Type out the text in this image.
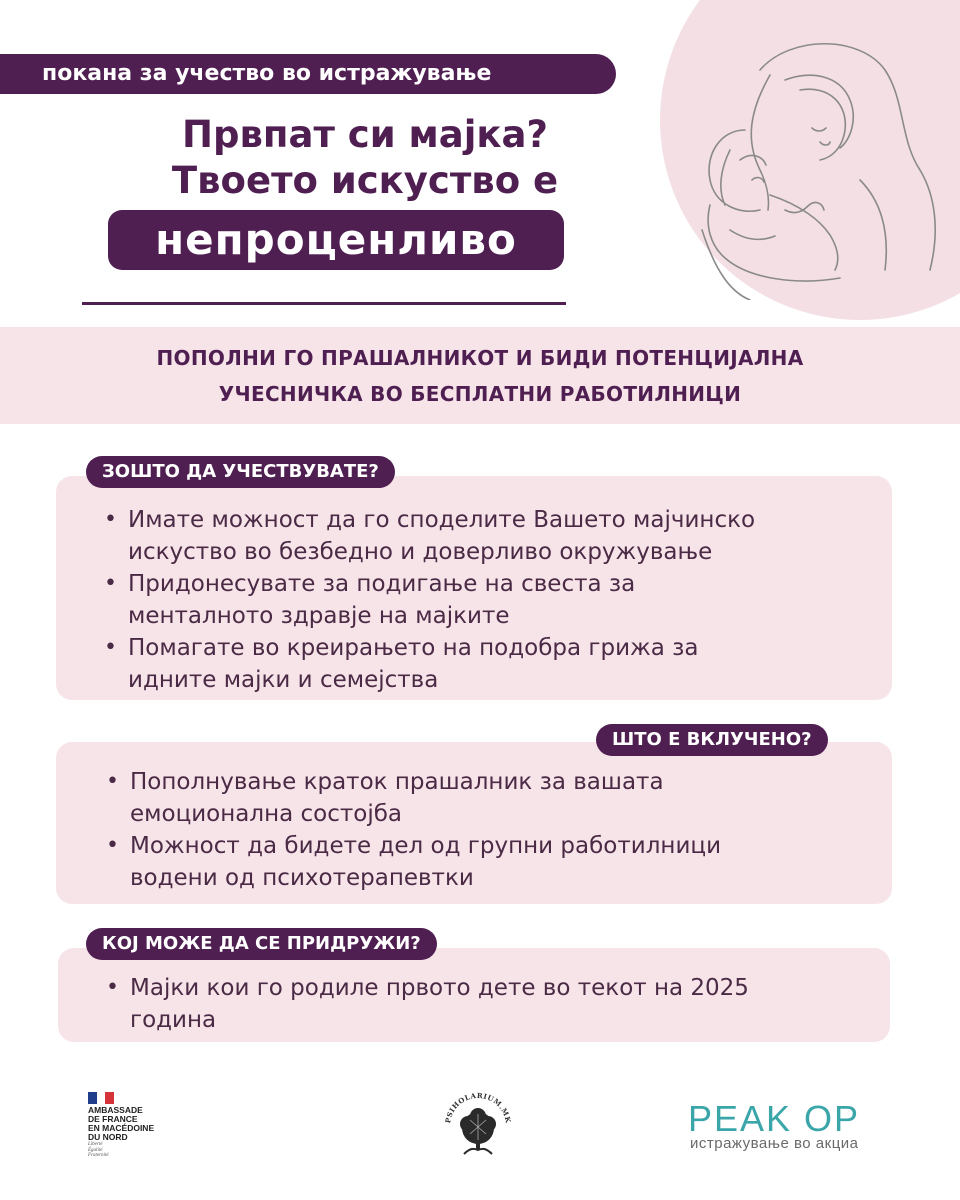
покана за учество во истражување
Првпат си мајка?
Твоето искуство е
непроценливо
ПОПОЛНИ ГО ПРАШАЛНИКОТ И БИДИ ПОТЕНЦИЈАЛНА
УЧЕСНИЧКА ВО БЕСПЛАТНИ РАБОТИЛНИЦИ
ЗОШТО ДА УЧЕСТВУВАТЕ?
• Имате можност да го споделите Вашето мајчинско
искуство во безбедно и доверливо окружување
• Придонесувате за подигање на свеста за
менталното здравје на мајките
• Помагате во креирањето на подобра грижа за
идните мајки и семејства
ШТО Е ВКЛУЧЕНО?
• Пополнување краток прашалник за вашата
емоционална состојба
• Можност да бидете дел од групни работилници
водени од психотерапевтки
КОЈ МОЖЕ ДА СЕ ПРИДРУЖИ?
• Мајки кои го родиле првото дете во текот на 2025
година
AMBASSADE
DE FRANCE
EN MACÉDOINE
DU NORD
Liberté
Égalité
Fraternité
PSIHOLARIUM.MK	PEAK ОР
истражување во акциа
